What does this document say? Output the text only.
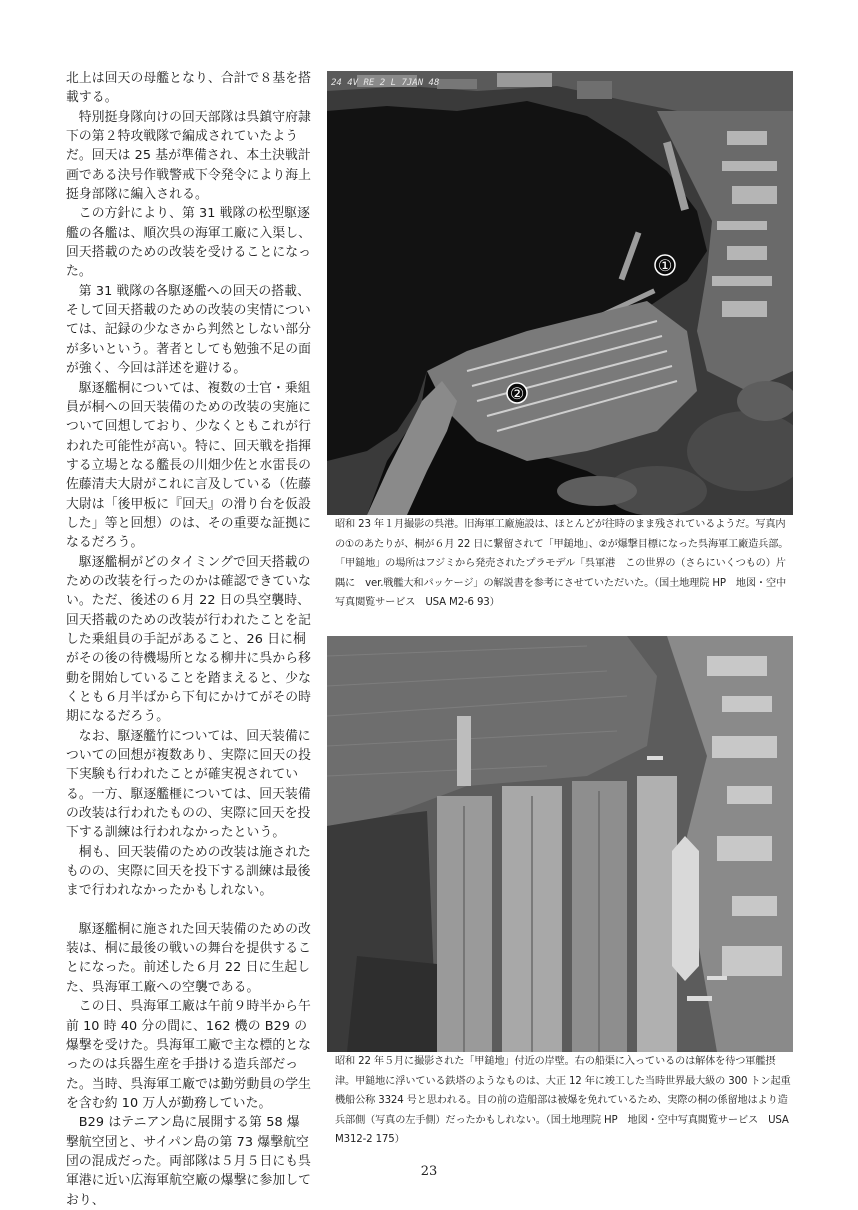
北上は回天の母艦となり、合計で８基を搭載する。

特別挺身隊向けの回天部隊は呉鎮守府隷下の第２特攻戦隊で編成されていたようだ。回天は 25 基が準備され、本土決戦計画である決号作戦警戒下令発令により海上挺身部隊に編入される。

この方針により、第 31 戦隊の松型駆逐艦の各艦は、順次呉の海軍工廠に入渠し、回天搭載のための改装を受けることになった。

第 31 戦隊の各駆逐艦への回天の搭載、そして回天搭載のための改装の実情については、記録の少なさから判然としない部分が多いという。著者としても勉強不足の面が強く、今回は詳述を避ける。

駆逐艦桐については、複数の士官・乗組員が桐への回天装備のための改装の実施について回想しており、少なくともこれが行われた可能性が高い。特に、回天戦を指揮する立場となる艦長の川畑少佐と水雷長の佐藤清夫大尉がこれに言及している（佐藤大尉は「後甲板に『回天』の滑り台を仮設した」等と回想）のは、その重要な証拠になるだろう。

駆逐艦桐がどのタイミングで回天搭載のための改装を行ったのかは確認できていない。ただ、後述の６月 22 日の呉空襲時、回天搭載のための改装が行われたことを記した乗組員の手記があること、26 日に桐がその後の待機場所となる柳井に呉から移動を開始していることを踏まえると、少なくとも６月半ばから下旬にかけてがその時期になるだろう。

なお、駆逐艦竹については、回天装備についての回想が複数あり、実際に回天の投下実験も行われたことが確実視されている。一方、駆逐艦榧については、回天装備の改装は行われたものの、実際に回天を投下する訓練は行われなかったという。

桐も、回天装備のための改装は施されたものの、実際に回天を投下する訓練は最後まで行われなかったかもしれない。

駆逐艦桐に施された回天装備のための改装は、桐に最後の戦いの舞台を提供することになった。前述した６月 22 日に生起した、呉海軍工廠への空襲である。

この日、呉海軍工廠は午前９時半から午前 10 時 40 分の間に、162 機の B29 の爆撃を受けた。呉海軍工廠で主な標的となったのは兵器生産を手掛ける造兵部だった。当時、呉海軍工廠では勤労動員の学生を含む約 10 万人が勤務していた。

B29 はテニアン島に展開する第 58 爆撃航空団と、サイパン島の第 73 爆撃航空団の混成だった。両部隊は５月５日にも呉軍港に近い広海軍航空廠の爆撃に参加しており、

24 4V RE 2 L 7JAN 48
①
②
昭和 23 年１月撮影の呉港。旧海軍工廠施設は、ほとんどが往時のまま残されているようだ。写真内の①のあたりが、桐が６月 22 日に繋留されて「甲鎚地」、②が爆撃目標になった呉海軍工廠造兵部。「甲鎚地」の場所はフジミから発売されたプラモデル「呉軍港　この世界の（さらにいくつもの）片隅に　ver.戦艦大和パッケージ」の解説書を参考にさせていただいた。（国土地理院 HP　地図・空中写真閲覧サービス　USA M2-6 93）
昭和 22 年５月に撮影された「甲鎚地」付近の岸壁。右の船渠に入っているのは解体を待つ軍艦摂津。甲鎚地に浮いている鉄塔のようなものは、大正 12 年に竣工した当時世界最大級の 300 トン起重機船公称 3324 号と思われる。目の前の造船部は被爆を免れているため、実際の桐の係留地はより造兵部側（写真の左手側）だったかもしれない。（国土地理院 HP　地図・空中写真閲覧サービス　USA M312-2 175）
23
